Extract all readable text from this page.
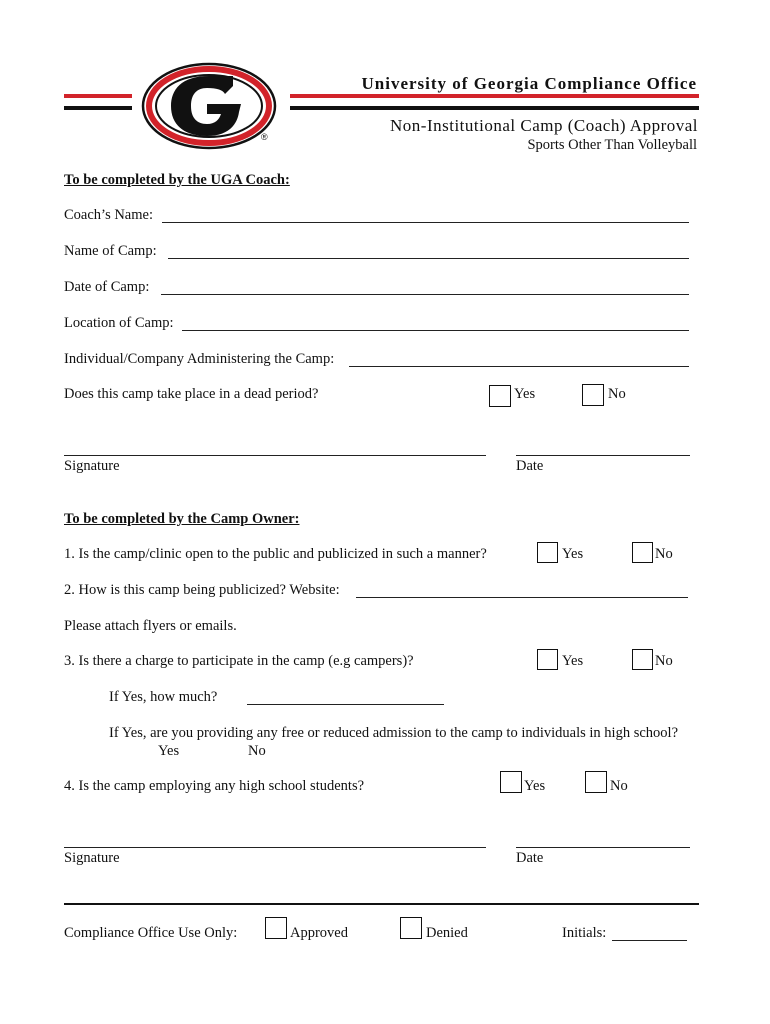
®
University of Georgia Compliance Office
Non-Institutional Camp (Coach) Approval
Sports Other Than Volleyball
To be completed by the UGA Coach:
Coach’s Name:
Name of Camp:
Date of Camp:
Location of Camp:
Individual/Company Administering the Camp:
Does this camp take place in a dead period?	Yes	No
Signature	Date
To be completed by the Camp Owner:
1. Is the camp/clinic open to the public and publicized in such a manner?	Yes	No
2. How is this camp being publicized? Website:
Please attach flyers or emails.
3. Is there a charge to participate in the camp (e.g campers)?	Yes	No
If Yes, how much?
If Yes, are you providing any free or reduced admission to the camp to individuals in high school?
Yes	No
4. Is the camp employing any high school students?	Yes	No
Signature	Date
Compliance Office Use Only:	Approved	Denied	Initials:
